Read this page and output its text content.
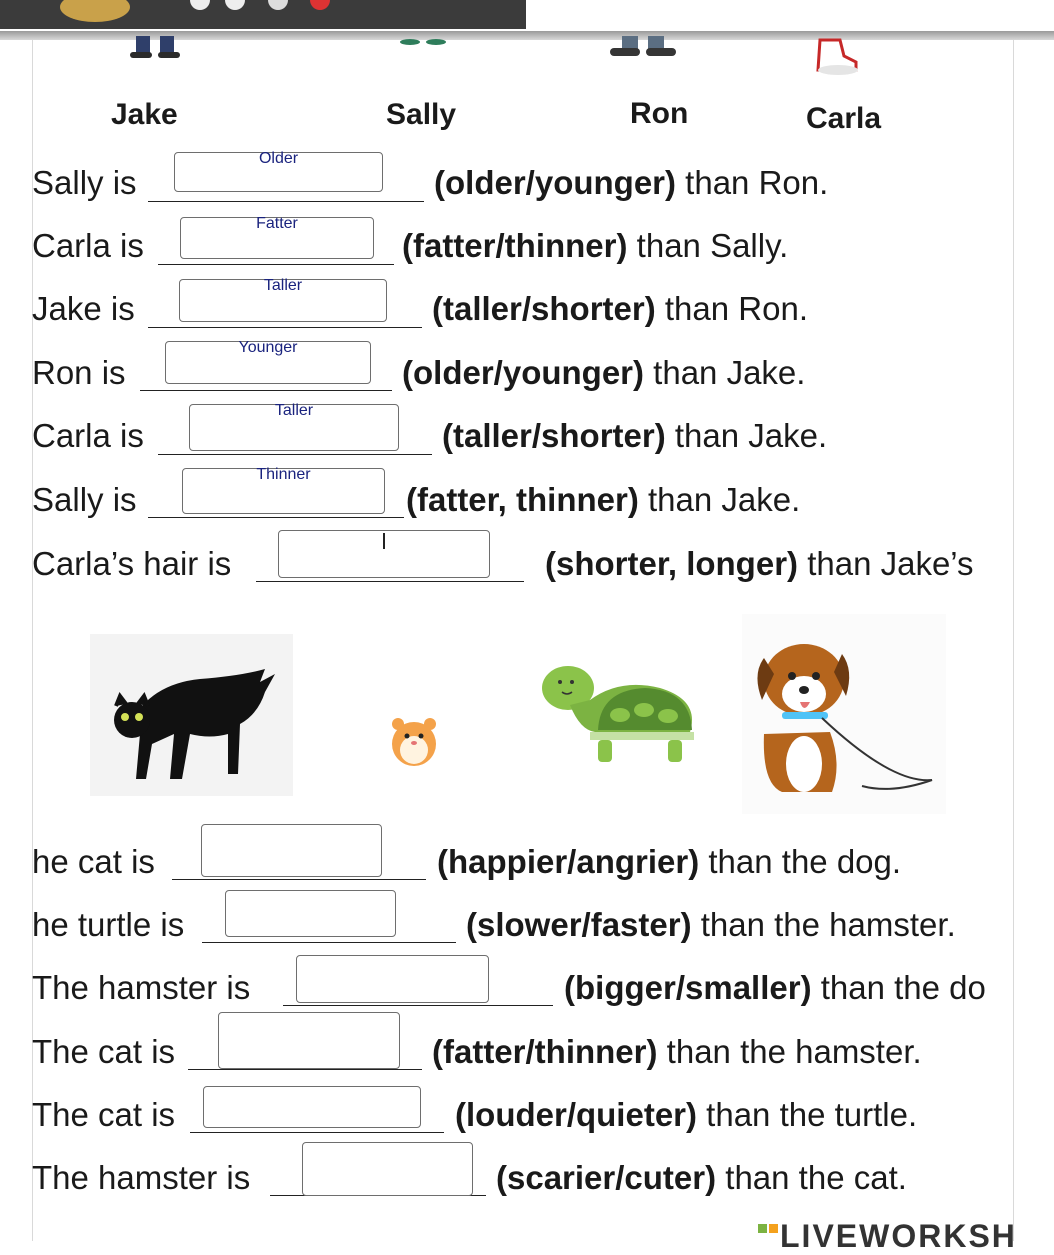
Jake	Sally	Ron	Carla
Sally is
Older
(older/younger) than Ron.
Carla is
Fatter
(fatter/thinner) than Sally.
Jake is
Taller
(taller/shorter) than Ron.
Ron is
Younger
(older/younger) than Jake.
Carla is
Taller
(taller/shorter) than Jake.
Sally is
Thinner
(fatter, thinner) than Jake.
Carla’s hair is	(shorter, longer) than Jake’s
he cat is	(happier/angrier) than the dog.
he turtle is	(slower/faster) than the hamster.
The hamster is	(bigger/smaller) than the do
The cat is	(fatter/thinner) than the hamster.
The cat is	(louder/quieter) than the turtle.
The hamster is	(scarier/cuter) than the cat.
LIVEWORKSH
